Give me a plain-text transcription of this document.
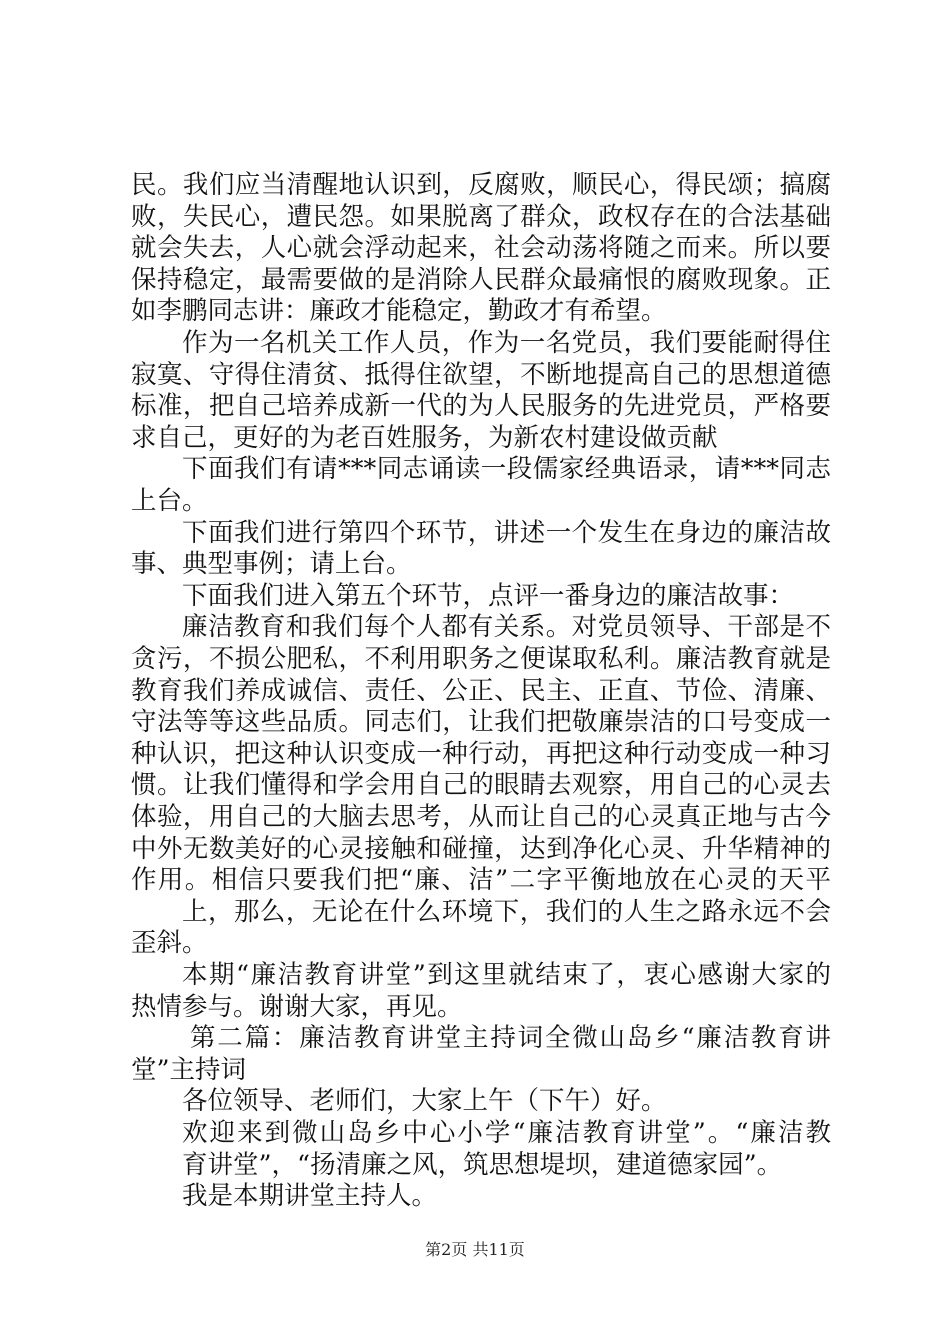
民。我们应当清醒地认识到，反腐败，顺民心，得民颂；搞腐
败，失民心，遭民怨。如果脱离了群众，政权存在的合法基础
就会失去，人心就会浮动起来，社会动荡将随之而来。所以要
保持稳定，最需要做的是消除人民群众最痛恨的腐败现象。正
如李鹏同志讲：廉政才能稳定，勤政才有希望。
作为一名机关工作人员，作为一名党员，我们要能耐得住
寂寞、守得住清贫、抵得住欲望，不断地提高自己的思想道德
标准，把自己培养成新一代的为人民服务的先进党员，严格要
求自己，更好的为老百姓服务，为新农村建设做贡献
下面我们有请***同志诵读一段儒家经典语录，请***同志
上台。
下面我们进行第四个环节，讲述一个发生在身边的廉洁故
事、典型事例；请上台。
下面我们进入第五个环节，点评一番身边的廉洁故事：
廉洁教育和我们每个人都有关系。对党员领导、干部是不
贪污，不损公肥私，不利用职务之便谋取私利。廉洁教育就是
教育我们养成诚信、责任、公正、民主、正直、节俭、清廉、
守法等等这些品质。同志们，让我们把敬廉崇洁的口号变成一
种认识，把这种认识变成一种行动，再把这种行动变成一种习
惯。让我们懂得和学会用自己的眼睛去观察，用自己的心灵去
体验，用自己的大脑去思考，从而让自己的心灵真正地与古今
中外无数美好的心灵接触和碰撞，达到净化心灵、升华精神的
作用。相信只要我们把“廉、洁”二字平衡地放在心灵的天平
上，那么，无论在什么环境下，我们的人生之路永远不会
歪斜。
本期“廉洁教育讲堂”到这里就结束了，衷心感谢大家的
热情参与。谢谢大家，再见。
第二篇：廉洁教育讲堂主持词全微山岛乡“廉洁教育讲
堂”主持词
各位领导、老师们，大家上午（下午）好。
欢迎来到微山岛乡中心小学“廉洁教育讲堂”。“廉洁教
育讲堂”，“扬清廉之风，筑思想堤坝，建道德家园”。
我是本期讲堂主持人。
第2页 共11页
